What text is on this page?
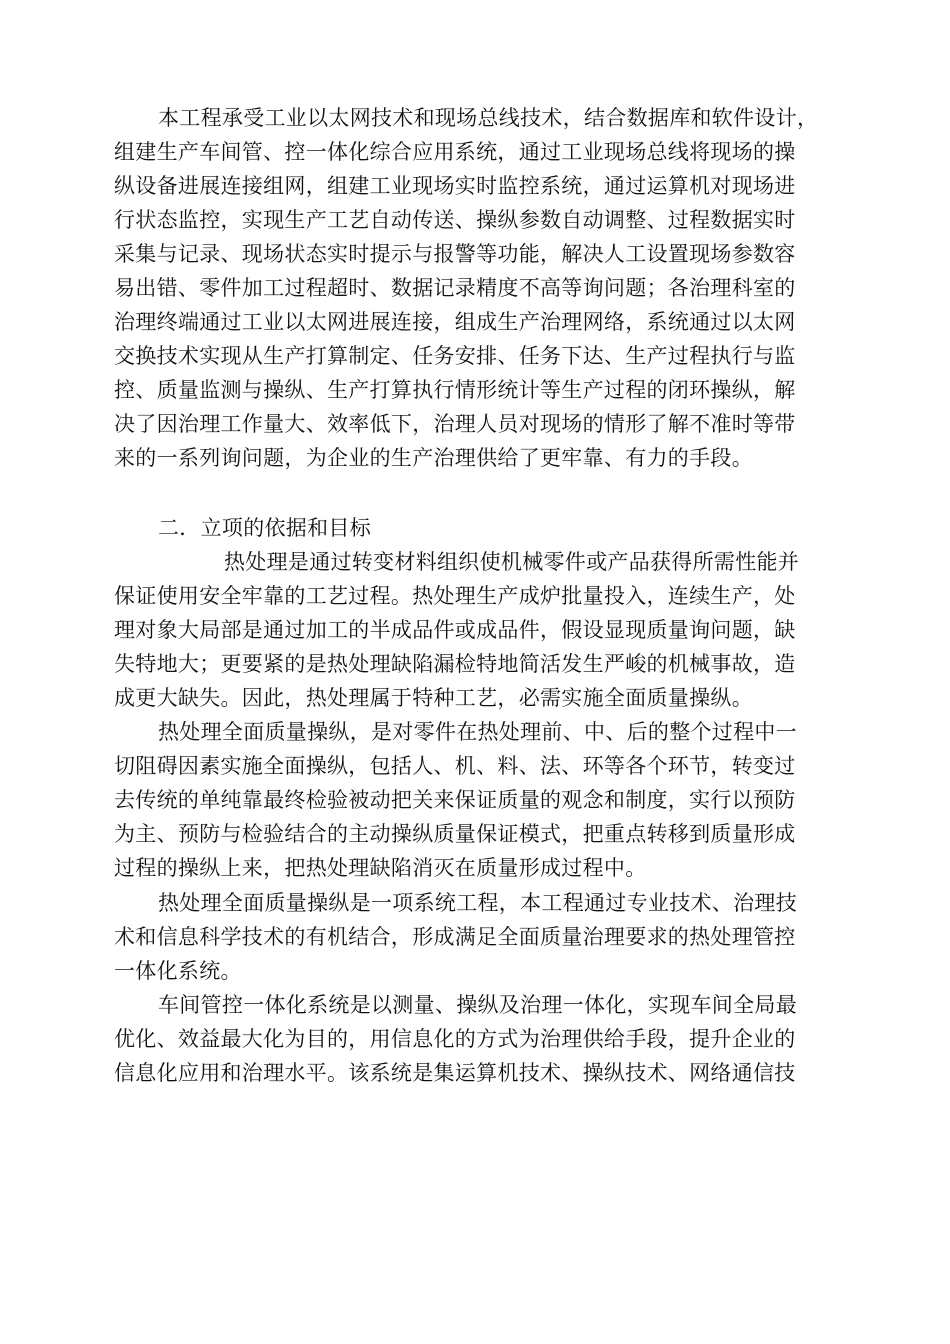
本工程承受工业以太网技术和现场总线技术，结合数据库和软件设计，
组建生产车间管、控一体化综合应用系统，通过工业现场总线将现场的操
纵设备进展连接组网，组建工业现场实时监控系统，通过运算机对现场进
行状态监控，实现生产工艺自动传送、操纵参数自动调整、过程数据实时
采集与记录、现场状态实时提示与报警等功能，解决人工设置现场参数容
易出错、零件加工过程超时、数据记录精度不高等询问题；各治理科室的
治理终端通过工业以太网进展连接，组成生产治理网络，系统通过以太网
交换技术实现从生产打算制定、任务安排、任务下达、生产过程执行与监
控、质量监测与操纵、生产打算执行情形统计等生产过程的闭环操纵，解
决了因治理工作量大、效率低下，治理人员对现场的情形了解不准时等带
来的一系列询问题，为企业的生产治理供给了更牢靠、有力的手段。
二．立项的依据和目标
热处理是通过转变材料组织使机械零件或产品获得所需性能并
保证使用安全牢靠的工艺过程。热处理生产成炉批量投入，连续生产，处
理对象大局部是通过加工的半成品件或成品件，假设显现质量询问题，缺
失特地大；更要紧的是热处理缺陷漏检特地简活发生严峻的机械事故，造
成更大缺失。因此，热处理属于特种工艺，必需实施全面质量操纵。
热处理全面质量操纵，是对零件在热处理前、中、后的整个过程中一
切阻碍因素实施全面操纵，包括人、机、料、法、环等各个环节，转变过
去传统的单纯靠最终检验被动把关来保证质量的观念和制度，实行以预防
为主、预防与检验结合的主动操纵质量保证模式，把重点转移到质量形成
过程的操纵上来，把热处理缺陷消灭在质量形成过程中。
热处理全面质量操纵是一项系统工程，本工程通过专业技术、治理技
术和信息科学技术的有机结合，形成满足全面质量治理要求的热处理管控
一体化系统。
车间管控一体化系统是以测量、操纵及治理一体化，实现车间全局最
优化、效益最大化为目的，用信息化的方式为治理供给手段，提升企业的
信息化应用和治理水平。该系统是集运算机技术、操纵技术、网络通信技
